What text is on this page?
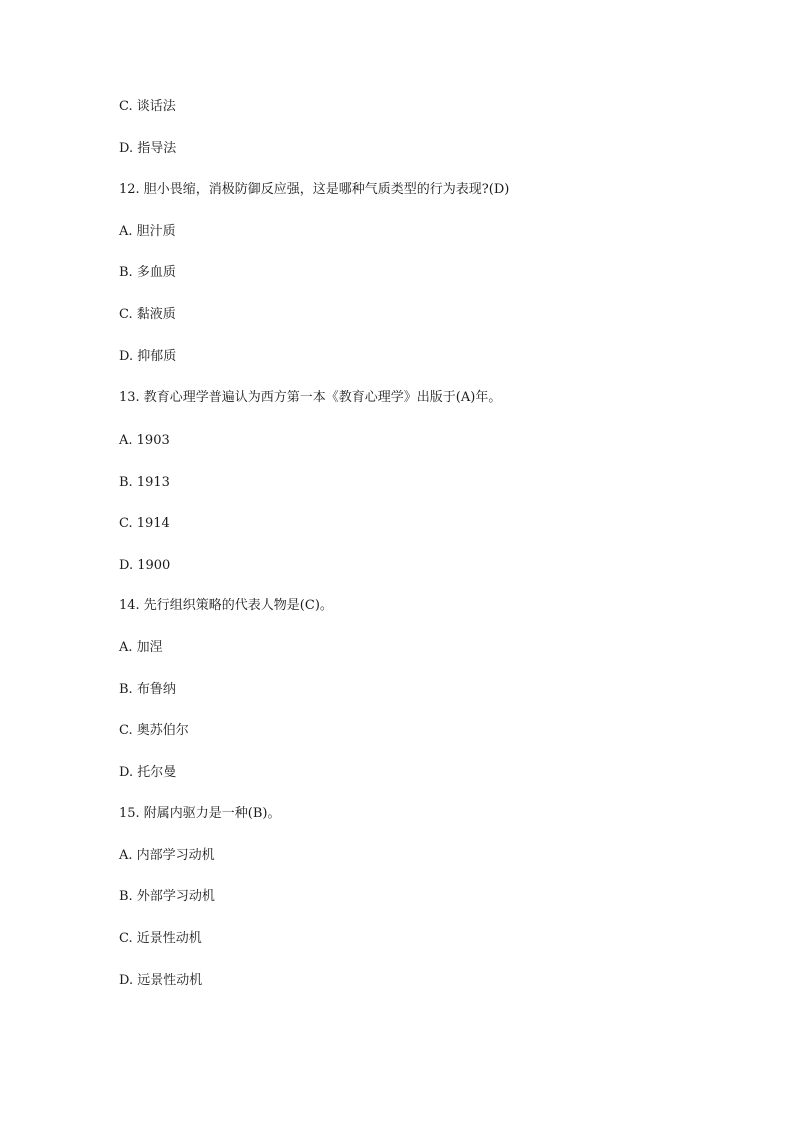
C. 谈话法
D. 指导法
12. 胆小畏缩，消极防御反应强，这是哪种气质类型的行为表现?(D)
A. 胆汁质
B. 多血质
C. 黏液质
D. 抑郁质
13. 教育心理学普遍认为西方第一本《教育心理学》出版于(A)年。
A. 1903
B. 1913
C. 1914
D. 1900
14. 先行组织策略的代表人物是(C)。
A. 加涅
B. 布鲁纳
C. 奥苏伯尔
D. 托尔曼
15. 附属内驱力是一种(B)。
A. 内部学习动机
B. 外部学习动机
C. 近景性动机
D. 远景性动机
